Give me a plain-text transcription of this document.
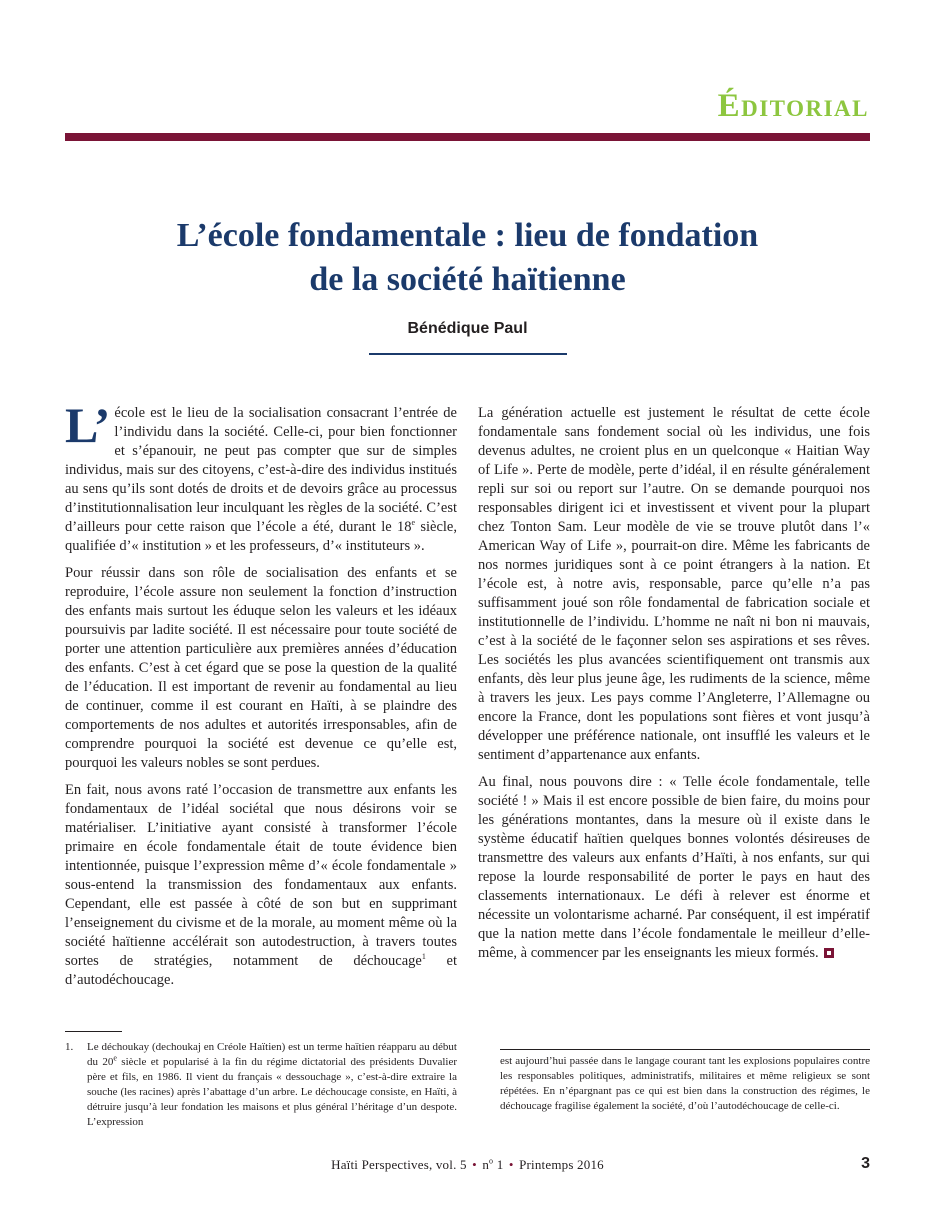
Éditorial
L’école fondamentale : lieu de fondation
de la société haïtienne
Bénédique Paul

L’ école est le lieu de la socialisation consacrant l’entrée de l’individu dans la société. Celle-ci, pour bien fonctionner et s’épanouir, ne peut pas compter que sur de simples individus, mais sur des citoyens, c’est-à-dire des individus institués au sens qu’ils sont dotés de droits et de devoirs grâce au processus d’institutionnalisation leur inculquant les règles de la société. C’est d’ailleurs pour cette raison que l’école a été, durant le 18e siècle, qualifiée d’« institution » et les professeurs, d’« instituteurs ».

Pour réussir dans son rôle de socialisation des enfants et se reproduire, l’école assure non seulement la fonction d’instruction des enfants mais surtout les éduque selon les valeurs et les idéaux poursuivis par ladite société. Il est nécessaire pour toute société de porter une attention particulière aux premières années d’éducation des enfants. C’est à cet égard que se pose la question de la qualité de l’éducation. Il est important de revenir au fondamental au lieu de continuer, comme il est courant en Haïti, à se plaindre des comportements de nos adultes et autorités irresponsables, afin de comprendre pourquoi la société est devenue ce qu’elle est, pourquoi les valeurs nobles se sont perdues.

En fait, nous avons raté l’occasion de transmettre aux enfants les fondamentaux de l’idéal sociétal que nous désirons voir se matérialiser. L’initiative ayant consisté à transformer l’école primaire en école fondamentale était de toute évidence bien intentionnée, puisque l’expression même d’« école fondamentale » sous-entend la transmission des fondamentaux aux enfants. Cependant, elle est passée à côté de son but en supprimant l’enseignement du civisme et de la morale, au moment même où la société haïtienne accélérait son autodestruction, à travers toutes sortes de stratégies, notamment de déchoucage$^1$ et d’autodéchoucage.

La génération actuelle est justement le résultat de cette école fondamentale sans fondement social où les individus, une fois devenus adultes, ne croient plus en un quelconque « Haitian Way of Life ». Perte de modèle, perte d’idéal, il en résulte généralement repli sur soi ou report sur l’autre. On se demande pourquoi nos responsables dirigent ici et investissent et vivent pour la plupart chez Tonton Sam. Leur modèle de vie se trouve plutôt dans l’« American Way of Life », pourrait-on dire. Même les fabricants de nos normes juridiques sont à ce point étrangers à la nation. Et l’école est, à notre avis, responsable, parce qu’elle n’a pas suffisamment joué son rôle fondamental de fabrication sociale et institutionnelle de l’individu. L’homme ne naît ni bon ni mauvais, c’est à la société de le façonner selon ses aspirations et ses rêves. Les sociétés les plus avancées scientifiquement ont transmis aux enfants, dès leur plus jeune âge, les rudiments de la science, même à travers les jeux. Les pays comme l’Angleterre, l’Allemagne ou encore la France, dont les populations sont fières et vont jusqu’à développer une préférence nationale, ont insufflé les valeurs et le sentiment d’appartenance aux enfants.

Au final, nous pouvons dire : « Telle école fondamentale, telle société ! » Mais il est encore possible de bien faire, du moins pour les générations montantes, dans la mesure où il existe dans le système éducatif haïtien quelques bonnes volontés désireuses de transmettre des valeurs aux enfants d’Haïti, à nos enfants, sur qui repose la lourde responsabilité de porter le pays en haut des classements internationaux. Le défi à relever est énorme et nécessite un volontarisme acharné. Par conséquent, il est impératif que la nation mette dans l’école fondamentale le meilleur d’elle-même, à commencer par les enseignants les mieux formés.

1. Le déchoukay (dechoukaj en Créole Haïtien) est un terme haïtien réapparu au début du 20e siècle et popularisé à la fin du régime dictatorial des présidents Duvalier père et fils, en 1986. Il vient du français « dessouchage », c’est-à-dire extraire la souche (les racines) après l’abattage d’un arbre. Le déchoucage consiste, en Haïti, à détruire jusqu’à leur fondation les maisons et plus général l’héritage d’un despote. L’expression
est aujourd’hui passée dans le langage courant tant les explosions populaires contre les responsables politiques, administratifs, militaires et même religieux se sont répétées. En n’épargnant pas ce qui est bien dans la construction des régimes, le déchoucage fragilise également la société, d’où l’autodéchoucage de celle-ci.
Haïti Perspectives, vol. 5 • $n^o$ 1 • Printemps 2016	3
